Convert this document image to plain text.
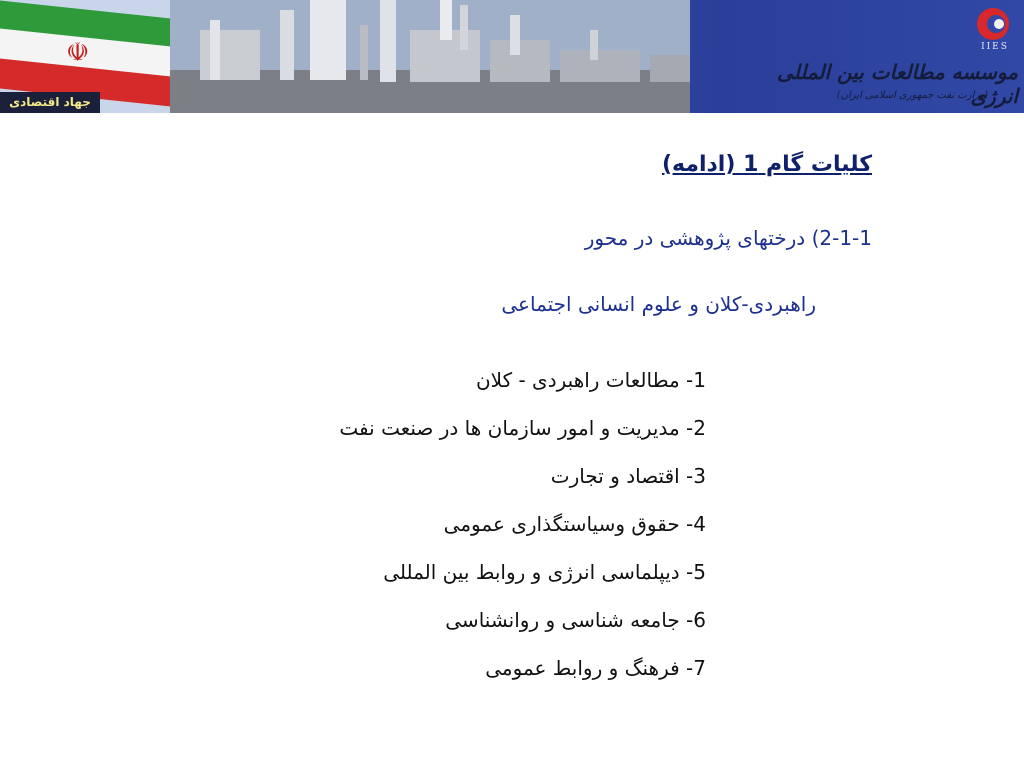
☫
جهاد اقتصادی
IIES
موسسه مطالعات بین المللی انرژی
(وزارت نفت جمهوری اسلامی ایران)
کلیات گام 1 (ادامه)
2-1-1) درختهای پژوهشی در محور
راهبردی-کلان و علوم انسانی اجتماعی
1- مطالعات راهبردی - کلان
2- مدیریت و امور سازمان ها در صنعت نفت
3- اقتصاد و تجارت
4- حقوق وسیاستگذاری عمومی
5- دیپلماسی انرژی و روابط بین المللی
6- جامعه شناسی و روانشناسی
7- فرهنگ و روابط عمومی
